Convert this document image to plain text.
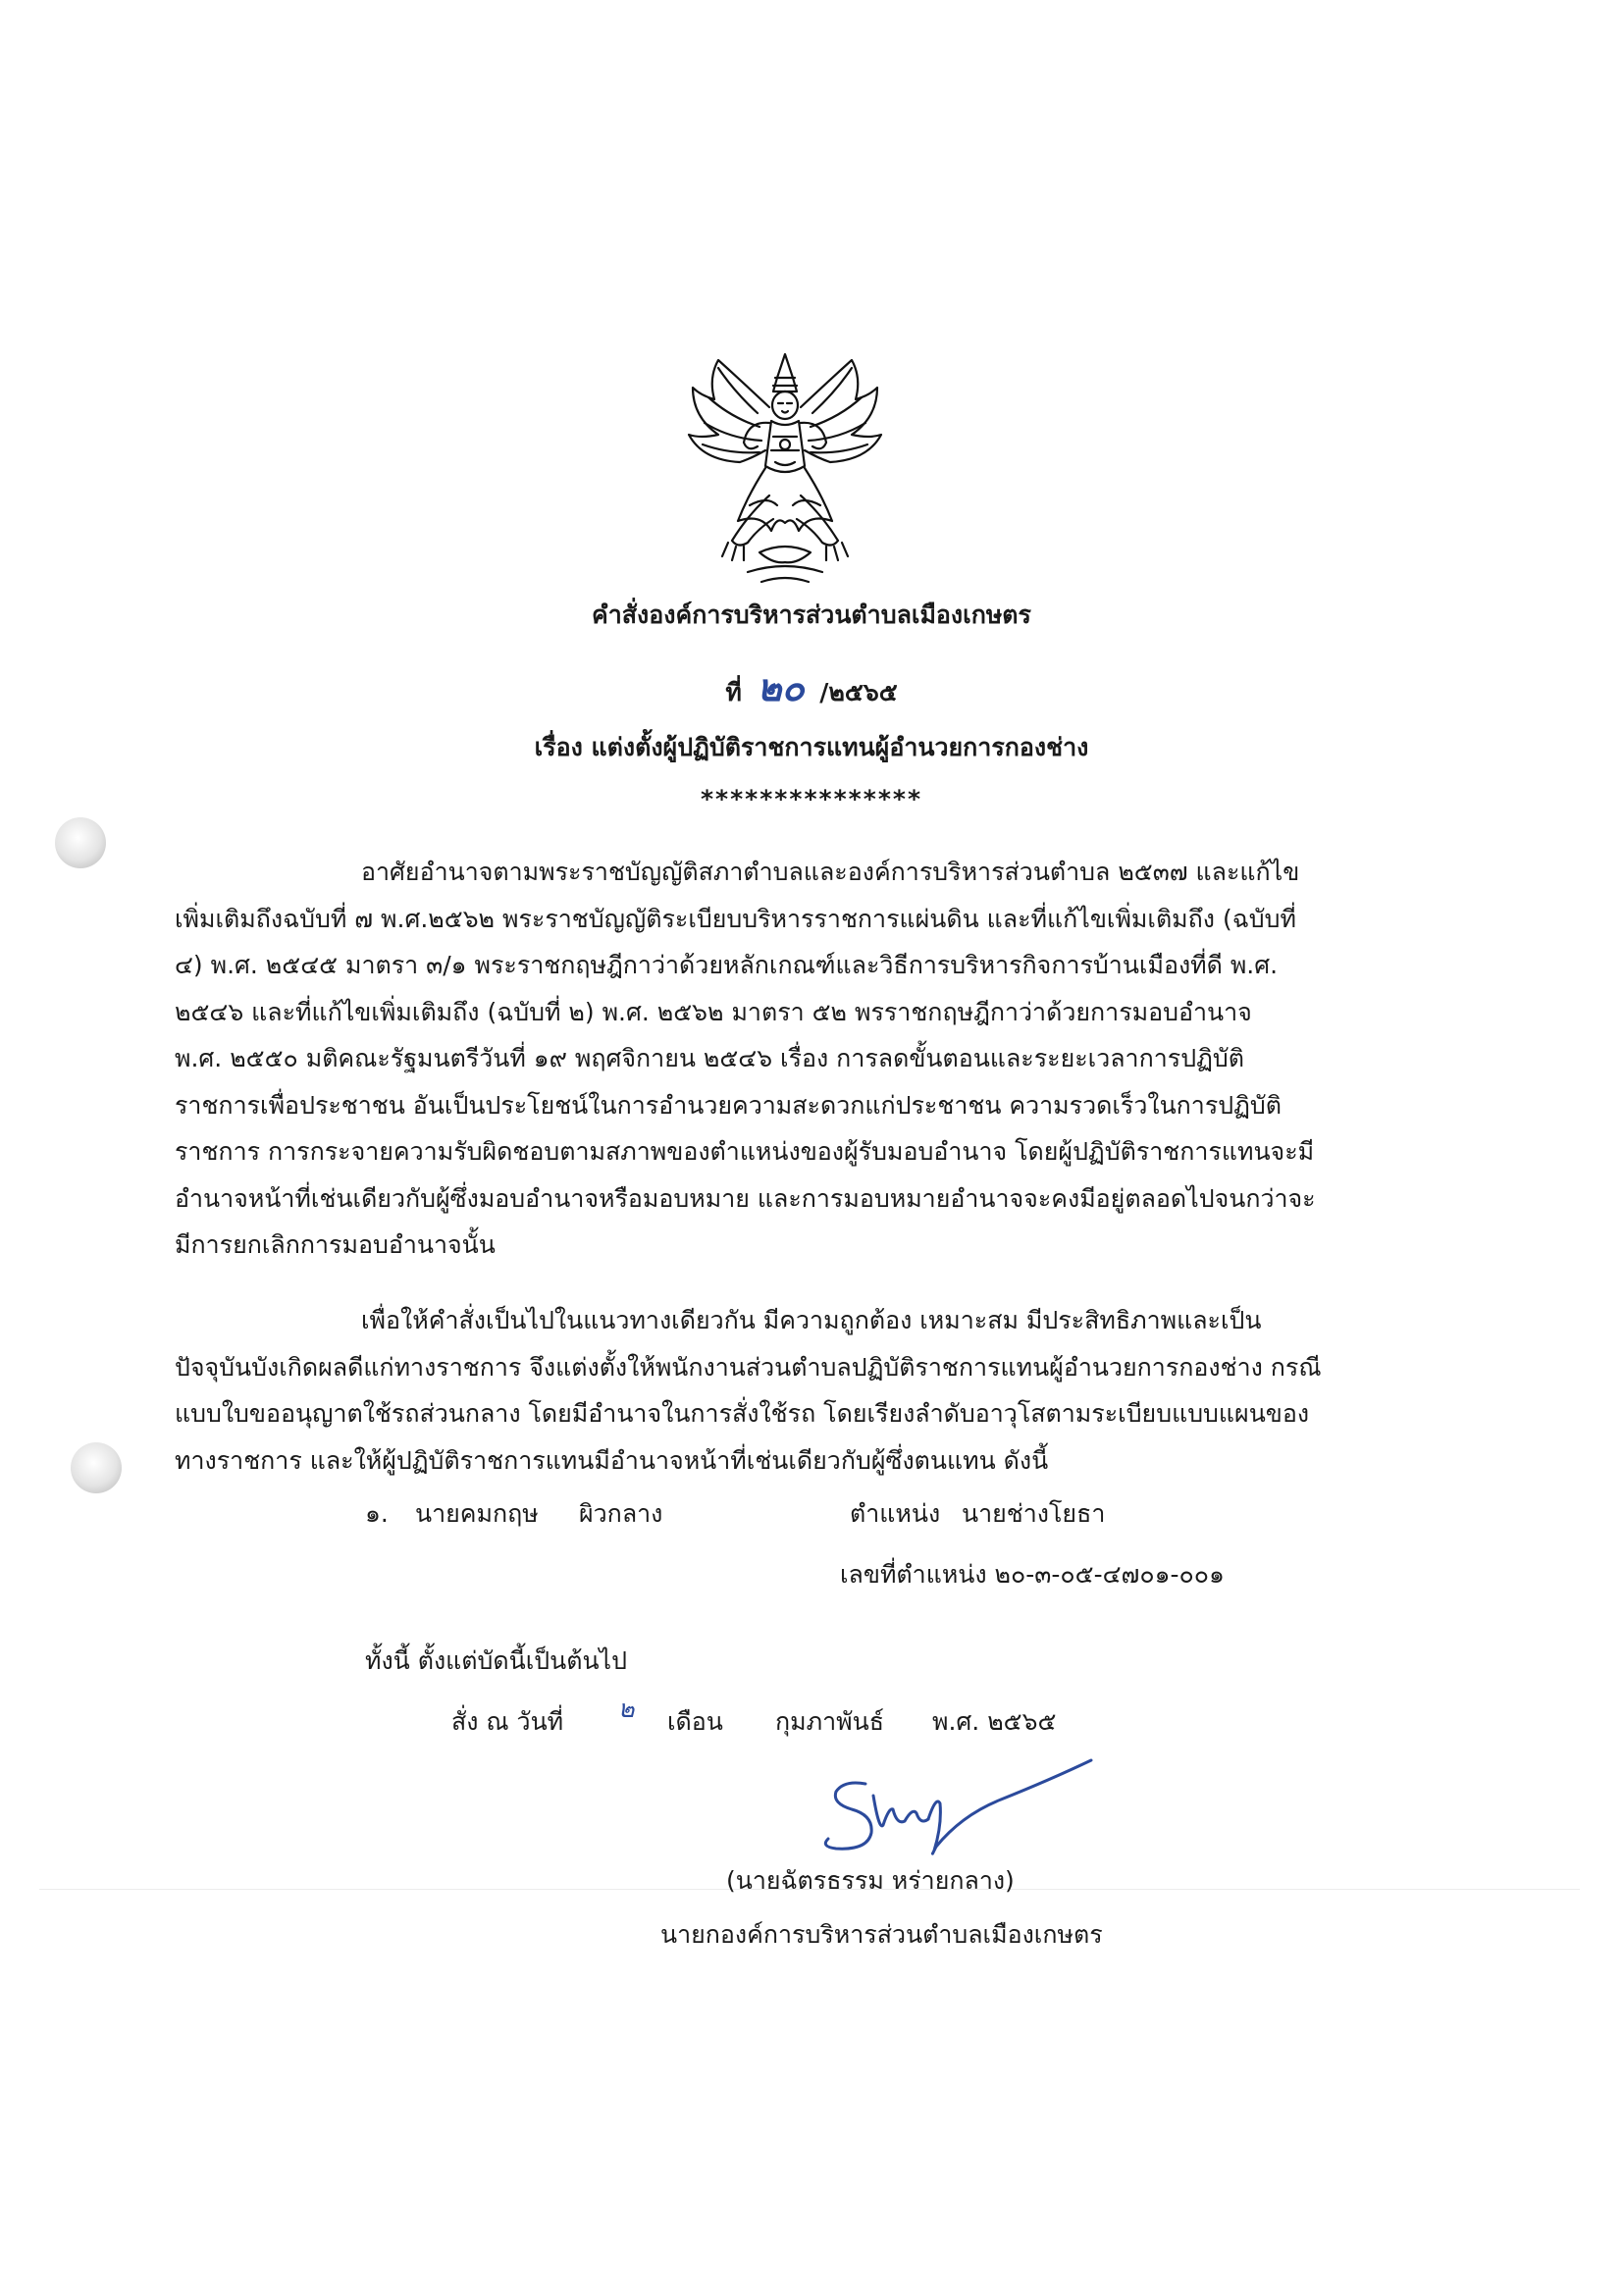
คำสั่งองค์การบริหารส่วนตำบลเมืองเกษตร
ที่ ๒๐ /๒๕๖๕
เรื่อง แต่งตั้งผู้ปฏิบัติราชการแทนผู้อำนวยการกองช่าง
***************
อาศัยอำนาจตามพระราชบัญญัติสภาตำบลและองค์การบริหารส่วนตำบล ๒๕๓๗ และแก้ไข
เพิ่มเติมถึงฉบับที่ ๗ พ.ศ.๒๕๖๒ พระราชบัญญัติระเบียบบริหารราชการแผ่นดิน และที่แก้ไขเพิ่มเติมถึง (ฉบับที่
๔) พ.ศ. ๒๕๔๕ มาตรา ๓/๑ พระราชกฤษฎีกาว่าด้วยหลักเกณฑ์และวิธีการบริหารกิจการบ้านเมืองที่ดี พ.ศ.
๒๕๔๖ และที่แก้ไขเพิ่มเติมถึง (ฉบับที่ ๒) พ.ศ. ๒๕๖๒ มาตรา ๕๒ พรราชกฤษฎีกาว่าด้วยการมอบอำนาจ
พ.ศ. ๒๕๕๐ มติคณะรัฐมนตรีวันที่ ๑๙ พฤศจิกายน ๒๕๔๖ เรื่อง การลดขั้นตอนและระยะเวลาการปฏิบัติ
ราชการเพื่อประชาชน อันเป็นประโยชน์ในการอำนวยความสะดวกแก่ประชาชน ความรวดเร็วในการปฏิบัติ
ราชการ การกระจายความรับผิดชอบตามสภาพของตำแหน่งของผู้รับมอบอำนาจ โดยผู้ปฏิบัติราชการแทนจะมี
อำนาจหน้าที่เช่นเดียวกับผู้ซึ่งมอบอำนาจหรือมอบหมาย และการมอบหมายอำนาจจะคงมีอยู่ตลอดไปจนกว่าจะ
มีการยกเลิกการมอบอำนาจนั้น
เพื่อให้คำสั่งเป็นไปในแนวทางเดียวกัน มีความถูกต้อง เหมาะสม มีประสิทธิภาพและเป็น
ปัจจุบันบังเกิดผลดีแก่ทางราชการ จึงแต่งตั้งให้พนักงานส่วนตำบลปฏิบัติราชการแทนผู้อำนวยการกองช่าง กรณี
แบบใบขออนุญาตใช้รถส่วนกลาง โดยมีอำนาจในการสั่งใช้รถ โดยเรียงลำดับอาวุโสตามระเบียบแบบแผนของ
ทางราชการ และให้ผู้ปฏิบัติราชการแทนมีอำนาจหน้าที่เช่นเดียวกับผู้ซึ่งตนแทน ดังนี้
๑. นายคมกฤษ ผิวกลาง	ตำแหน่ง นายช่างโยธา
เลขที่ตำแหน่ง ๒๐-๓-๐๕-๔๗๐๑-๐๐๑
ทั้งนี้ ตั้งแต่บัดนี้เป็นต้นไป
สั่ง ณ วันที่ ๒ เดือน กุมภาพันธ์ พ.ศ. ๒๕๖๕
(นายฉัตรธรรม หร่ายกลาง)
นายกองค์การบริหารส่วนตำบลเมืองเกษตร
